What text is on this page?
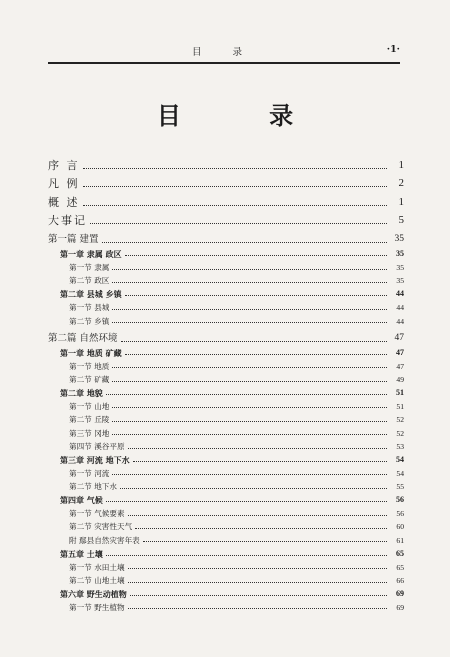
目 录	·1·
目 录
序 言	1
凡 例	2
概 述	1
大事记	5
第一篇 建置	35
第一章 隶属 政区	35
第一节 隶属	35
第二节 政区	35
第二章 县城 乡镇	44
第一节 县城	44
第二节 乡镇	44
第二篇 自然环境	47
第一章 地质 矿藏	47
第一节 地质	47
第二节 矿藏	49
第二章 地貌	51
第一节 山地	51
第二节 丘陵	52
第三节 冈地	52
第四节 溪谷平原	53
第三章 河流 地下水	54
第一节 河流	54
第二节 地下水	55
第四章 气候	56
第一节 气候要素	56
第二节 灾害性天气	60
附 鄢县自然灾害年表	61
第五章 土壤	65
第一节 水田土壤	65
第二节 山地土壤	66
第六章 野生动植物	69
第一节 野生植物	69
